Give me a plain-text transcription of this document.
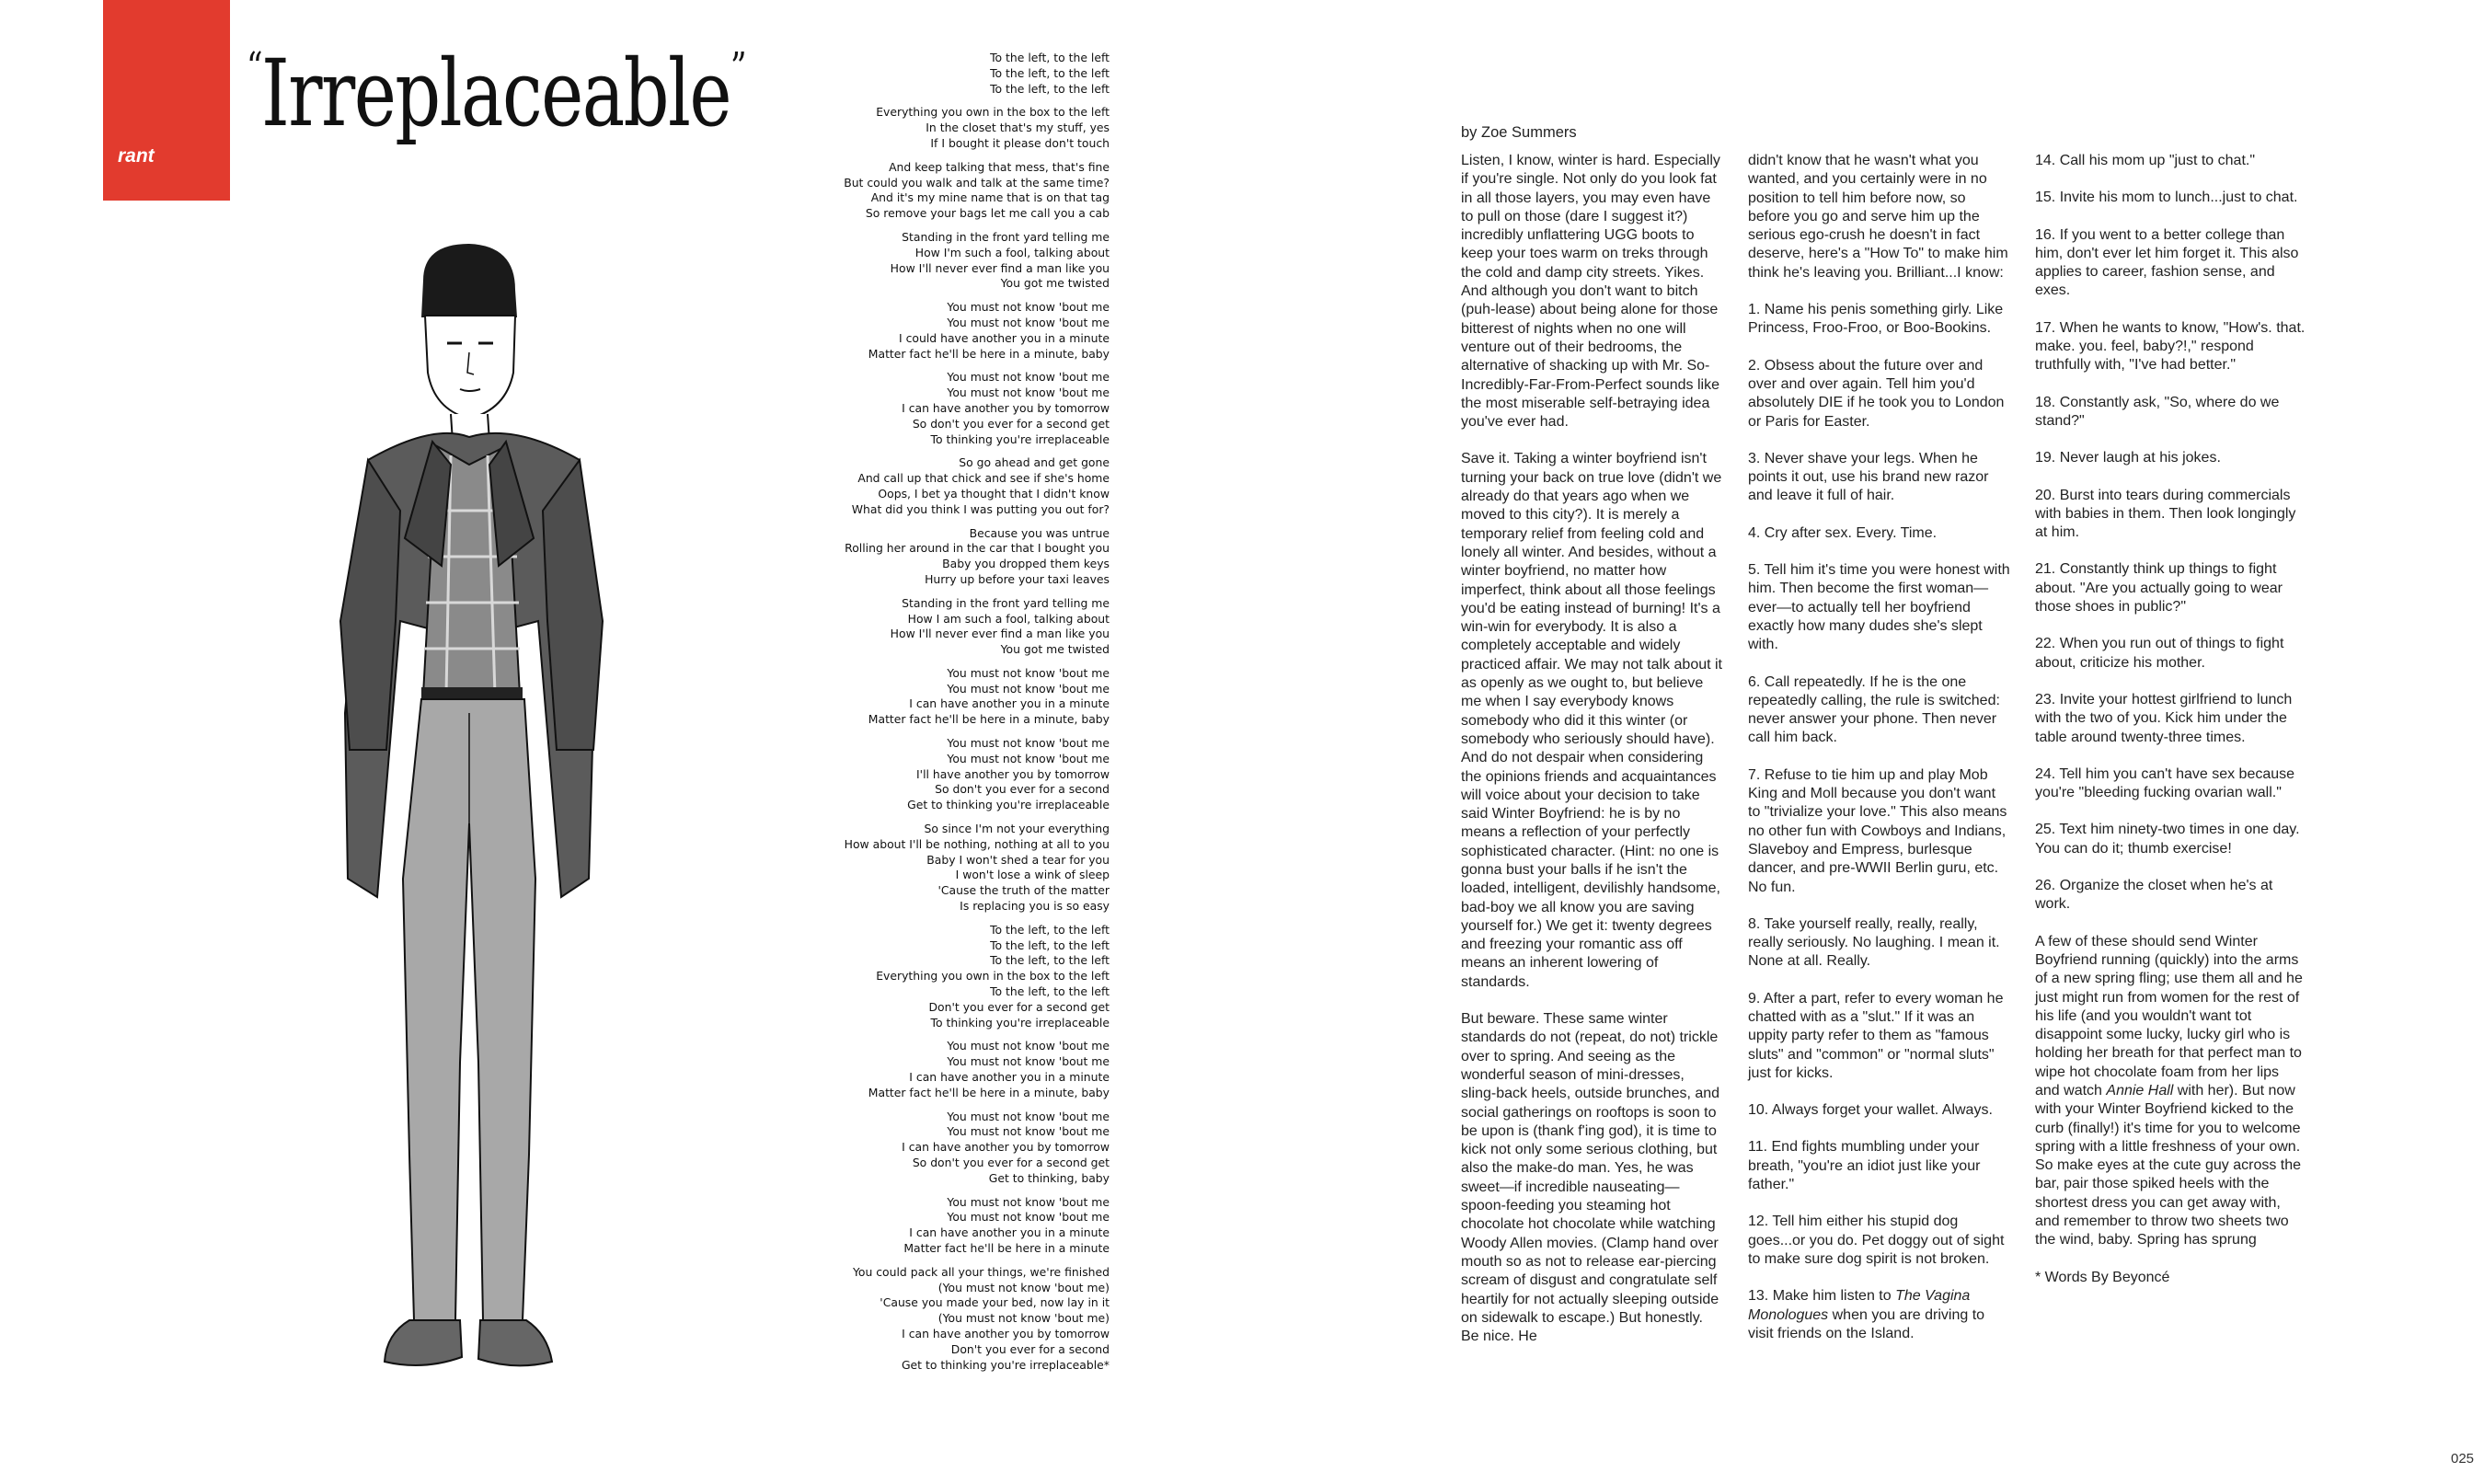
rant
“Irreplaceable”	To the left, to the left
To the left, to the left
To the left, to the left
Everything you own in the box to the left
In the closet that's my stuff, yes
If I bought it please don't touch
And keep talking that mess, that's fine
But could you walk and talk at the same time?
And it's my mine name that is on that tag
So remove your bags let me call you a cab
Standing in the front yard telling me
How I'm such a fool, talking about
How I'll never ever find a man like you
You got me twisted
You must not know 'bout me
You must not know 'bout me
I could have another you in a minute
Matter fact he'll be here in a minute, baby
You must not know 'bout me
You must not know 'bout me
I can have another you by tomorrow
So don't you ever for a second get
To thinking you're irreplaceable
So go ahead and get gone
And call up that chick and see if she's home
Oops, I bet ya thought that I didn't know
What did you think I was putting you out for?
Because you was untrue
Rolling her around in the car that I bought you
Baby you dropped them keys
Hurry up before your taxi leaves
Standing in the front yard telling me
How I am such a fool, talking about
How I'll never ever find a man like you
You got me twisted
You must not know 'bout me
You must not know 'bout me
I can have another you in a minute
Matter fact he'll be here in a minute, baby
You must not know 'bout me
You must not know 'bout me
I'll have another you by tomorrow
So don't you ever for a second
Get to thinking you're irreplaceable
So since I'm not your everything
How about I'll be nothing, nothing at all to you
Baby I won't shed a tear for you
I won't lose a wink of sleep
'Cause the truth of the matter
Is replacing you is so easy
To the left, to the left
To the left, to the left
To the left, to the left
Everything you own in the box to the left
To the left, to the left
Don't you ever for a second get
To thinking you're irreplaceable
You must not know 'bout me
You must not know 'bout me
I can have another you in a minute
Matter fact he'll be here in a minute, baby
You must not know 'bout me
You must not know 'bout me
I can have another you by tomorrow
So don't you ever for a second get
Get to thinking, baby
You must not know 'bout me
You must not know 'bout me
I can have another you in a minute
Matter fact he'll be here in a minute
You could pack all your things, we're finished
(You must not know 'bout me)
'Cause you made your bed, now lay in it
(You must not know 'bout me)
I can have another you by tomorrow
Don't you ever for a second
Get to thinking you're irreplaceable*
by Zoe Summers

Listen, I know, winter is hard. Especially if you're single. Not only do you look fat in all those layers, you may even have to pull on those (dare I suggest it?) incredibly unflattering UGG boots to keep your toes warm on treks through the cold and damp city streets. Yikes. And although you don't want to bitch (puh-lease) about being alone for those bitterest of nights when no one will venture out of their bedrooms, the alternative of shacking up with Mr. So-Incredibly-Far-From-Perfect sounds like the most miserable self-betraying idea you've ever had.

Save it. Taking a winter boyfriend isn't turning your back on true love (didn't we already do that years ago when we moved to this city?). It is merely a temporary relief from feeling cold and lonely all winter. And besides, without a winter boyfriend, no matter how imperfect, think about all those feelings you'd be eating instead of burning! It's a win-win for everybody. It is also a completely acceptable and widely practiced affair. We may not talk about it as openly as we ought to, but believe me when I say everybody knows somebody who did it this winter (or somebody who seriously should have). And do not despair when considering the opinions friends and acquaintances will voice about your decision to take said Winter Boyfriend: he is by no means a reflection of your perfectly sophisticated character. (Hint: no one is gonna bust your balls if he isn't the loaded, intelligent, devilishly handsome, bad-boy we all know you are saving yourself for.) We get it: twenty degrees and freezing your romantic ass off means an inherent lowering of standards.

But beware. These same winter standards do not (repeat, do not) trickle over to spring. And seeing as the wonderful season of mini-dresses, sling-back heels, outside brunches, and social gatherings on rooftops is soon to be upon is (thank f'ing god), it is time to kick not only some serious clothing, but also the make-do man. Yes, he was sweet—if incredible nauseating—spoon-feeding you steaming hot chocolate hot chocolate while watching Woody Allen movies. (Clamp hand over mouth so as not to release ear-piercing scream of disgust and congratulate self heartily for not actually sleeping outside on sidewalk to escape.) But honestly. Be nice. He

didn't know that he wasn't what you wanted, and you certainly were in no position to tell him before now, so before you go and serve him up the serious ego-crush he doesn't in fact deserve, here's a "How To" to make him think he's leaving you. Brilliant...I know:

1. Name his penis something girly. Like Princess, Froo-Froo, or Boo-Bookins.

2. Obsess about the future over and over and over again. Tell him you'd absolutely DIE if he took you to London or Paris for Easter.

3. Never shave your legs. When he points it out, use his brand new razor and leave it full of hair.

4. Cry after sex. Every. Time.

5. Tell him it's time you were honest with him. Then become the first woman—ever—to actually tell her boyfriend exactly how many dudes she's slept with.

6. Call repeatedly. If he is the one repeatedly calling, the rule is switched: never answer your phone. Then never call him back.

7. Refuse to tie him up and play Mob King and Moll because you don't want to "trivialize your love." This also means no other fun with Cowboys and Indians, Slaveboy and Empress, burlesque dancer, and pre-WWII Berlin guru, etc. No fun.

8. Take yourself really, really, really, really seriously. No laughing. I mean it. None at all. Really.

9. After a part, refer to every woman he chatted with as a "slut." If it was an uppity party refer to them as "famous sluts" and "common" or "normal sluts" just for kicks.

10. Always forget your wallet. Always.

11. End fights mumbling under your breath, "you're an idiot just like your father."

12. Tell him either his stupid dog goes...or you do. Pet doggy out of sight to make sure dog spirit is not broken.

13. Make him listen to The Vagina Monologues when you are driving to visit friends on the Island.

14. Call his mom up "just to chat."

15. Invite his mom to lunch...just to chat.

16. If you went to a better college than him, don't ever let him forget it. This also applies to career, fashion sense, and exes.

17. When he wants to know, "How's. that. make. you. feel, baby?!," respond truthfully with, "I've had better."

18. Constantly ask, "So, where do we stand?"

19. Never laugh at his jokes.

20. Burst into tears during commercials with babies in them. Then look longingly at him.

21. Constantly think up things to fight about. "Are you actually going to wear those shoes in public?"

22. When you run out of things to fight about, criticize his mother.

23. Invite your hottest girlfriend to lunch with the two of you. Kick him under the table around twenty-three times.

24. Tell him you can't have sex because you're "bleeding fucking ovarian wall."

25. Text him ninety-two times in one day. You can do it; thumb exercise!

26. Organize the closet when he's at work.

A few of these should send Winter Boyfriend running (quickly) into the arms of a new spring fling; use them all and he just might run from women for the rest of his life (and you wouldn't want tot disappoint some lucky, lucky girl who is holding her breath for that perfect man to wipe hot chocolate foam from her lips and watch Annie Hall with her). But now with your Winter Boyfriend kicked to the curb (finally!) it's time for you to welcome spring with a little freshness of your own. So make eyes at the cute guy across the bar, pair those spiked heels with the shortest dress you can get away with, and remember to throw two sheets two the wind, baby. Spring has sprung

* Words By Beyoncé

025
